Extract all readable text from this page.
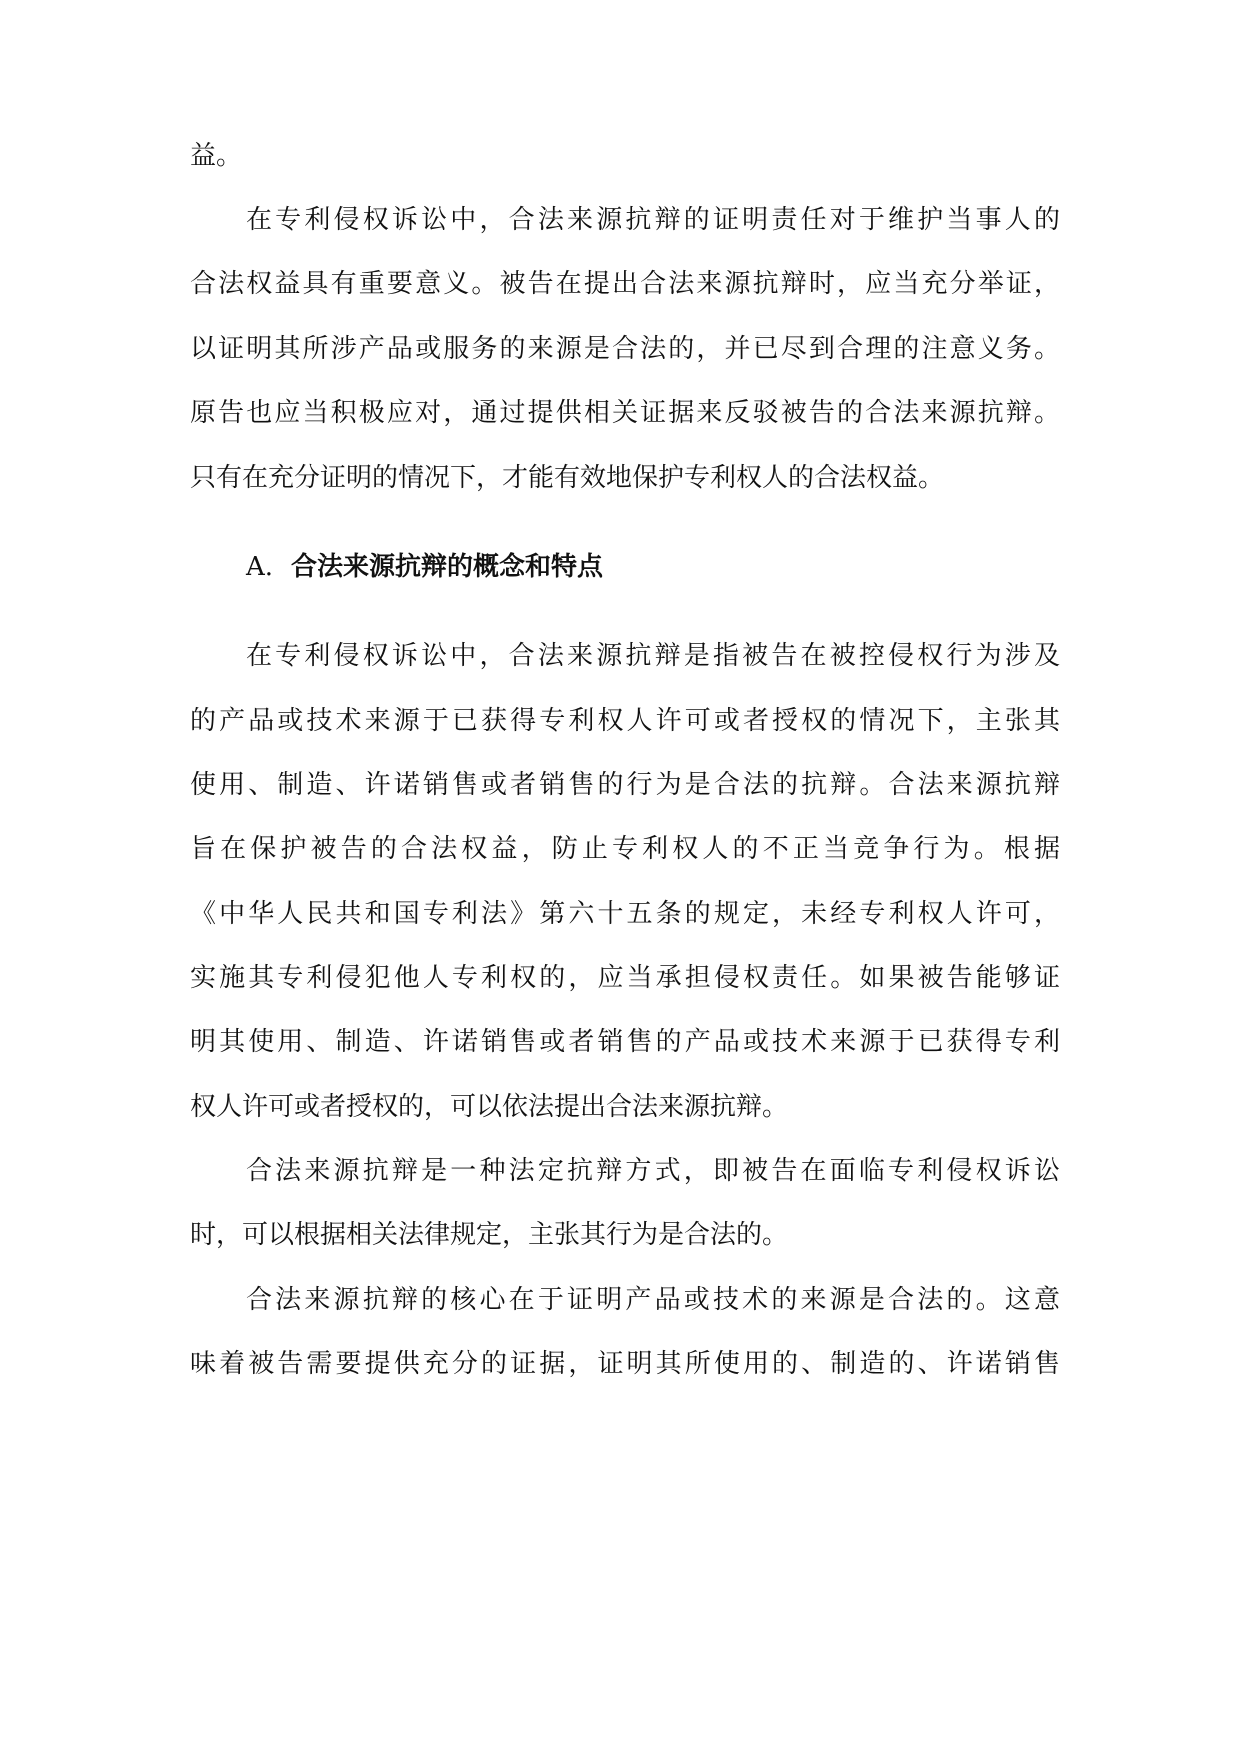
益。
在专利侵权诉讼中，合法来源抗辩的证明责任对于维护当事人的
合法权益具有重要意义。被告在提出合法来源抗辩时，应当充分举证，
以证明其所涉产品或服务的来源是合法的，并已尽到合理的注意义务。
原告也应当积极应对，通过提供相关证据来反驳被告的合法来源抗辩。
只有在充分证明的情况下，才能有效地保护专利权人的合法权益。
A. 合法来源抗辩的概念和特点
在专利侵权诉讼中，合法来源抗辩是指被告在被控侵权行为涉及
的产品或技术来源于已获得专利权人许可或者授权的情况下，主张其
使用、制造、许诺销售或者销售的行为是合法的抗辩。合法来源抗辩
旨在保护被告的合法权益，防止专利权人的不正当竞争行为。根据
《中华人民共和国专利法》第六十五条的规定，未经专利权人许可，
实施其专利侵犯他人专利权的，应当承担侵权责任。如果被告能够证
明其使用、制造、许诺销售或者销售的产品或技术来源于已获得专利
权人许可或者授权的，可以依法提出合法来源抗辩。
合法来源抗辩是一种法定抗辩方式，即被告在面临专利侵权诉讼
时，可以根据相关法律规定，主张其行为是合法的。
合法来源抗辩的核心在于证明产品或技术的来源是合法的。这意
味着被告需要提供充分的证据，证明其所使用的、制造的、许诺销售
